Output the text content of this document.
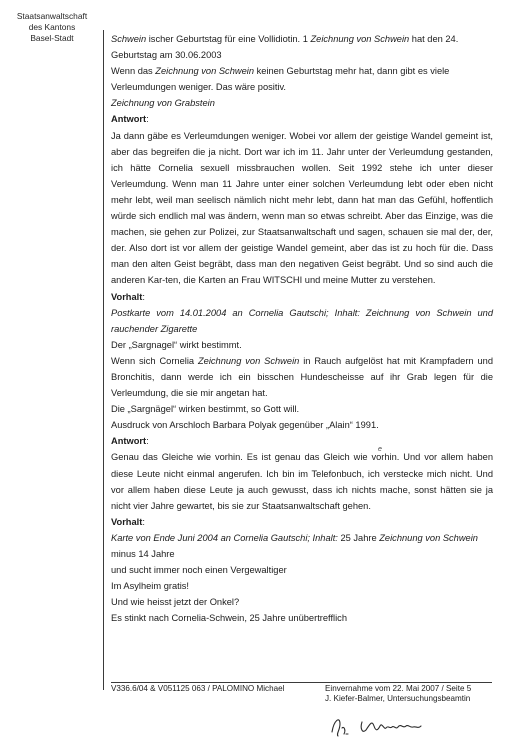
Staatsanwaltschaft
des Kantons
Basel-Stadt	Schwein ischer Geburtstag für eine Vollidiotin. 1 Zeichnung von Schwein hat den 24. Geburtstag am 30.06.2003

Wenn das Zeichnung von Schwein keinen Geburtstag mehr hat, dann gibt es viele Verleumdungen weniger. Das wäre positiv.

Zeichnung von Grabstein

Antwort:

Ja dann gäbe es Verleumdungen weniger. Wobei vor allem der geistige Wandel gemeint ist, aber das begreifen die ja nicht. Dort war ich im 11. Jahr unter der Verleumdung gestanden, ich hätte Cornelia sexuell missbrauchen wollen. Seit 1992 stehe ich unter dieser Verleumdung. Wenn man 11 Jahre unter einer solchen Verleumdung lebt oder eben nicht mehr lebt, weil man seelisch nämlich nicht mehr lebt, dann hat man das Gefühl, hoffentlich würde sich endlich mal was ändern, wenn man so etwas schreibt. Aber das Einzige, was die machen, sie gehen zur Polizei, zur Staatsanwaltschaft und sagen, schauen sie mal der, der, der. Also dort ist vor allem der geistige Wandel gemeint, aber das ist zu hoch für die. Dass man den alten Geist begräbt, dass man den negativen Geist begräbt. Und so sind auch die anderen Kar-ten, die Karten an Frau WITSCHI und meine Mutter zu verstehen.

Vorhalt:

Postkarte vom 14.01.2004 an Cornelia Gautschi; Inhalt: Zeichnung von Schwein und rauchender Zigarette

Der „Sargnagel“ wirkt bestimmt.

Wenn sich Cornelia Zeichnung von Schwein in Rauch aufgelöst hat mit Krampfadern und Bronchitis, dann werde ich ein bisschen Hundescheisse auf ihr Grab legen für die Verleumdung, die sie mir angetan hat.

Die „Sargnägel“ wirken bestimmt, so Gott will.

Ausdruck von Arschloch Barbara Polyak gegenüber „Alain“ 1991.

Antwort:

Genau das Gleiche wie vorhin. Es ist genau das Gleich wie vorhin. Und vor allem haben diese Leute nicht einmal angerufen. Ich bin im Telefonbuch, ich verstecke mich nicht. Und vor allem haben diese Leute ja auch gewusst, dass ich nichts mache, sonst hätten sie ja nicht vier Jahre gewartet, bis sie zur Staatsanwaltschaft gehen.
e

Vorhalt:

Karte von Ende Juni 2004 an Cornelia Gautschi; Inhalt: 25 Jahre Zeichnung von Schwein minus 14 Jahre

und sucht immer noch einen Vergewaltiger

Im Asylheim gratis!

Und wie heisst jetzt der Onkel?

Es stinkt nach Cornelia-Schwein, 25 Jahre unübertrefflich

V336.6/04 & V051125 063 / PALOMINO Michael	Einvernahme vom 22. Mai 2007 / Seite 5
J. Kiefer-Balmer, Untersuchungsbeamtin
